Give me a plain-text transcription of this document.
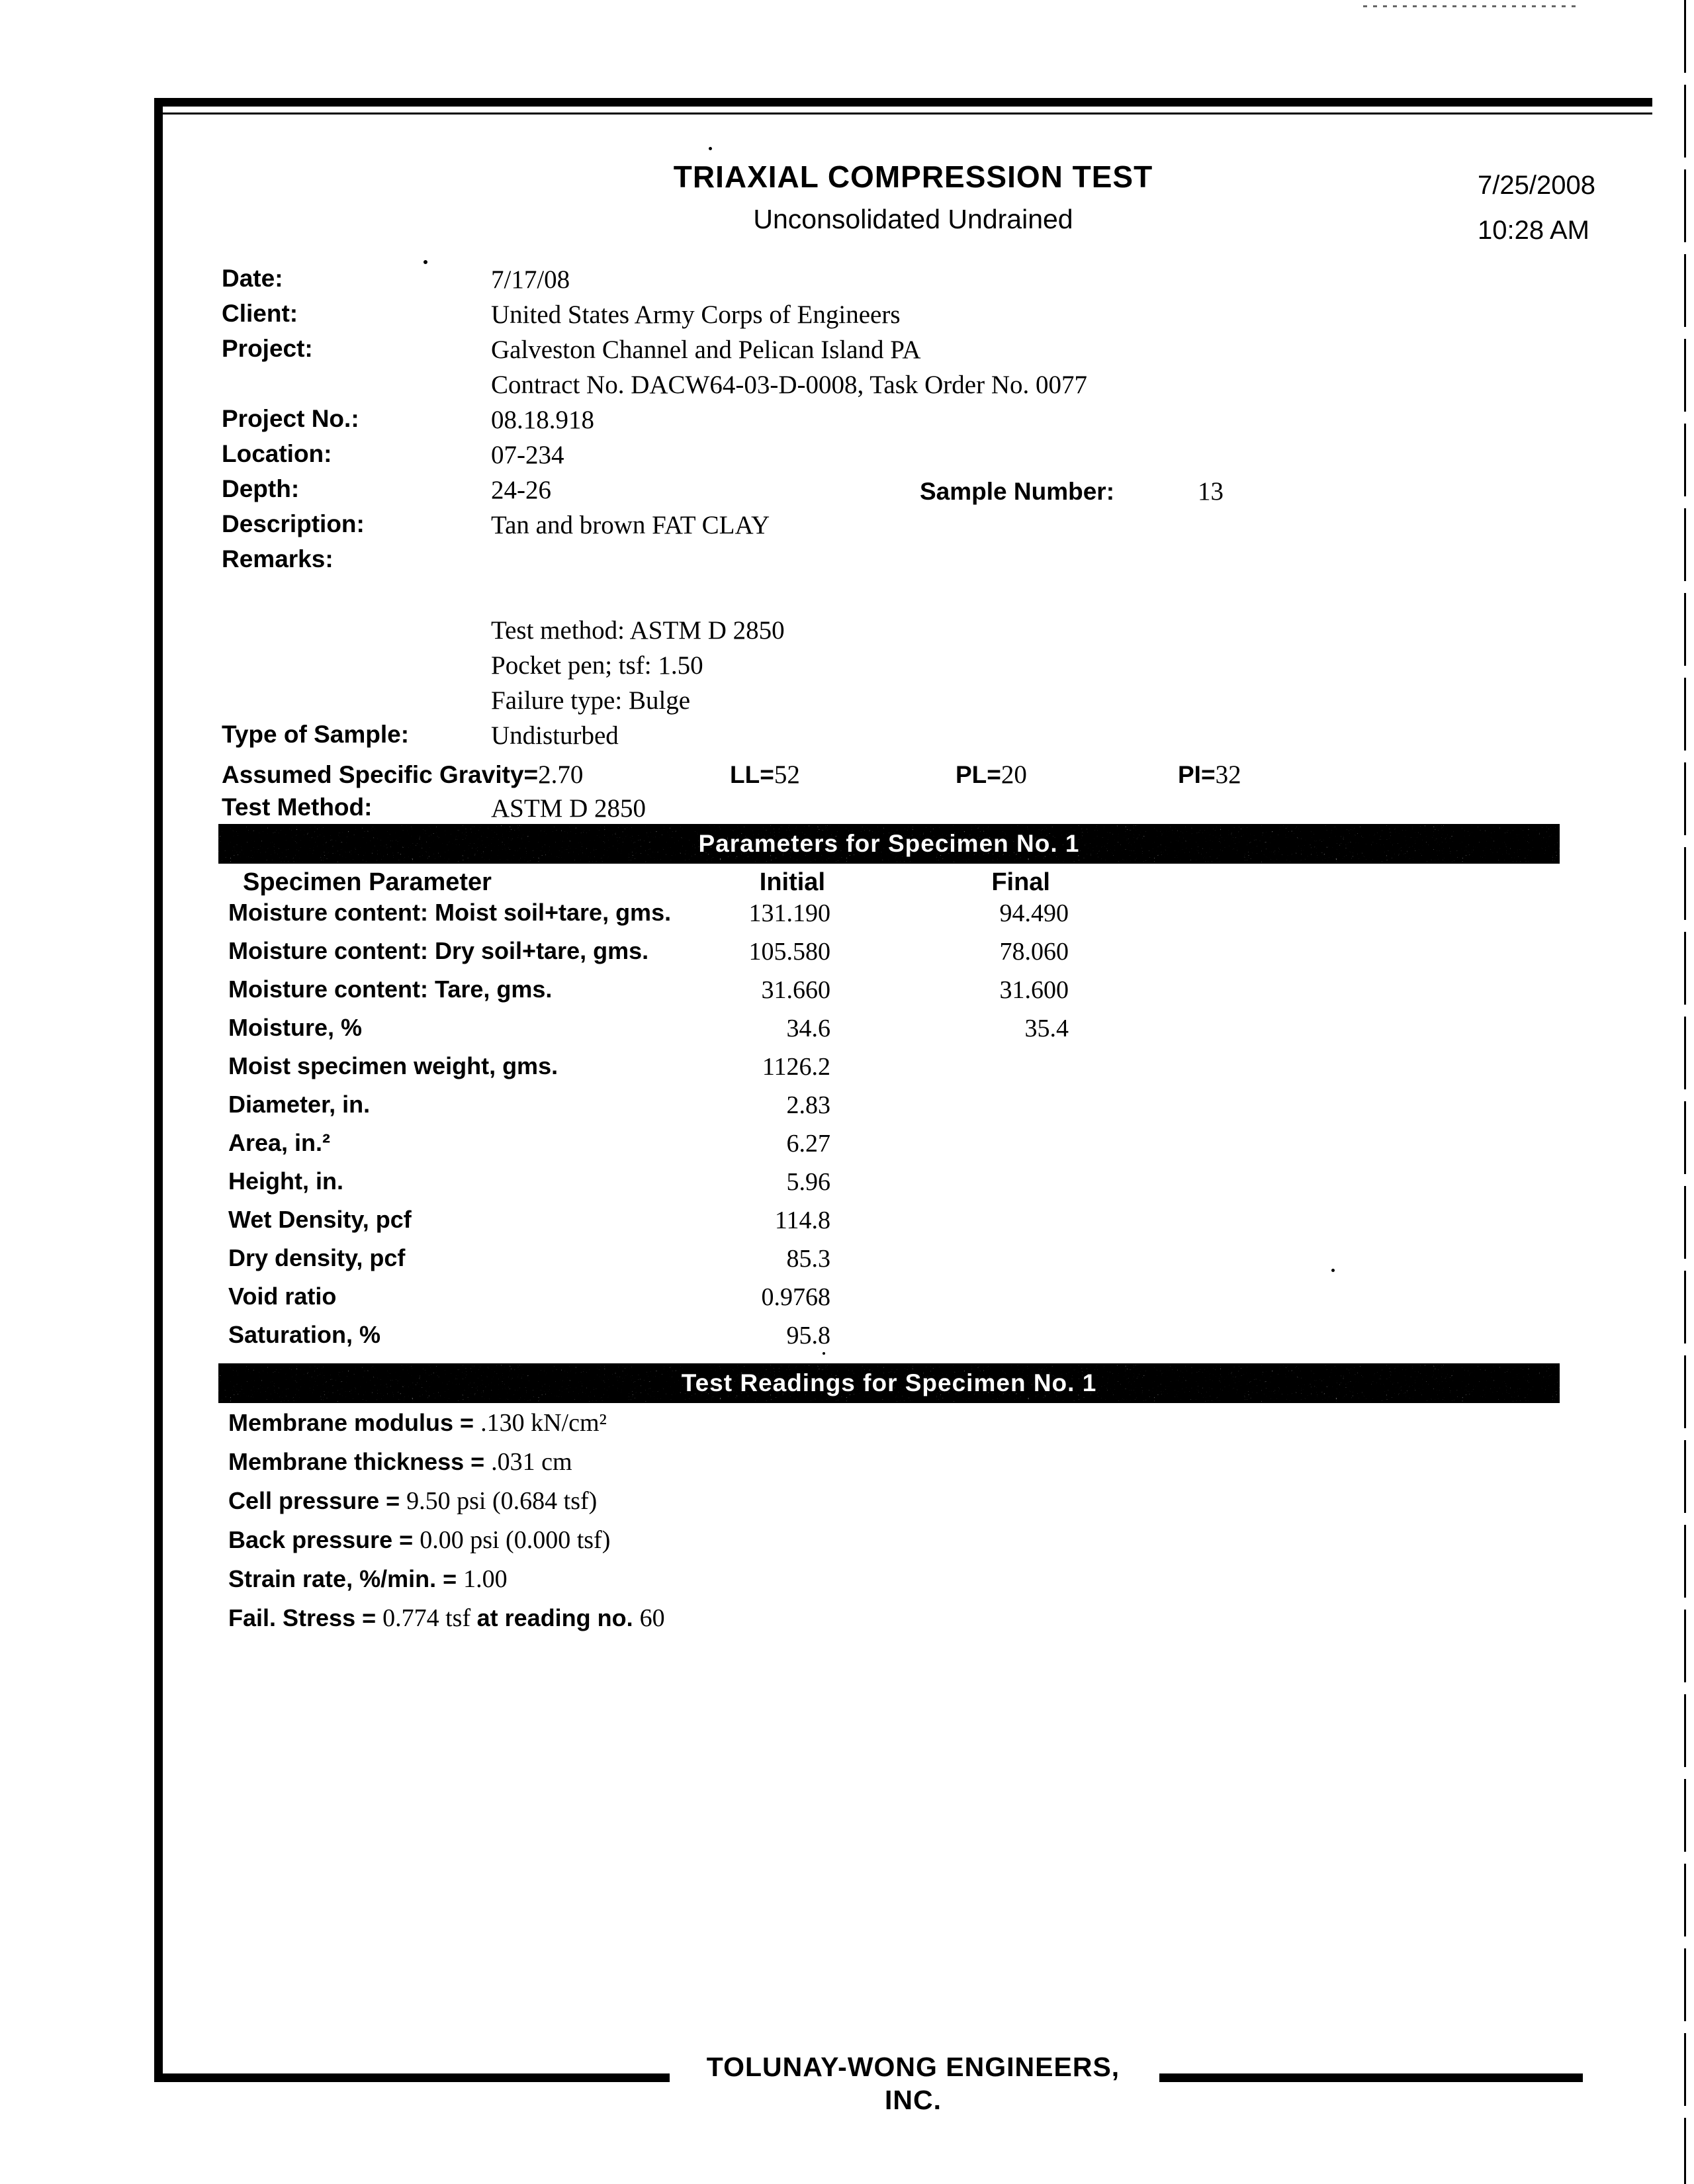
TRIAXIAL COMPRESSION TEST
Unconsolidated Undrained
7/25/2008
10:28 AM
Date:	7/17/08
Client:	United States Army Corps of Engineers
Project:	Galveston Channel and Pelican Island PA
Contract No. DACW64-03-D-0008, Task Order No. 0077
Project No.:	08.18.918
Location:	07-234
Depth:	24-26
Description:	Tan and brown FAT CLAY
Remarks:
Test method: ASTM D 2850
Pocket pen; tsf: 1.50
Failure type: Bulge
Type of Sample:	Undisturbed
Sample Number:	13
Assumed Specific Gravity=2.70	LL=52	PL=20	PI=32
Test Method:	ASTM D 2850
Parameters for Specimen No. 1
Specimen Parameter	Initial	Final
Moisture content: Moist soil+tare, gms.	131.190	94.490
Moisture content: Dry soil+tare, gms.	105.580	78.060
Moisture content: Tare, gms.	31.660	31.600
Moisture, %	34.6	35.4
Moist specimen weight, gms.	1126.2
Diameter, in.	2.83
Area, in.²	6.27
Height, in.	5.96
Wet Density, pcf	114.8
Dry density, pcf	85.3
Void ratio	0.9768
Saturation, %	95.8
Test Readings for Specimen No. 1
Membrane modulus = .130 kN/cm²
Membrane thickness = .031 cm
Cell pressure = 9.50 psi (0.684 tsf)
Back pressure = 0.00 psi (0.000 tsf)
Strain rate, %/min. = 1.00
Fail. Stress = 0.774 tsf at reading no. 60
TOLUNAY-WONG ENGINEERS, INC.
